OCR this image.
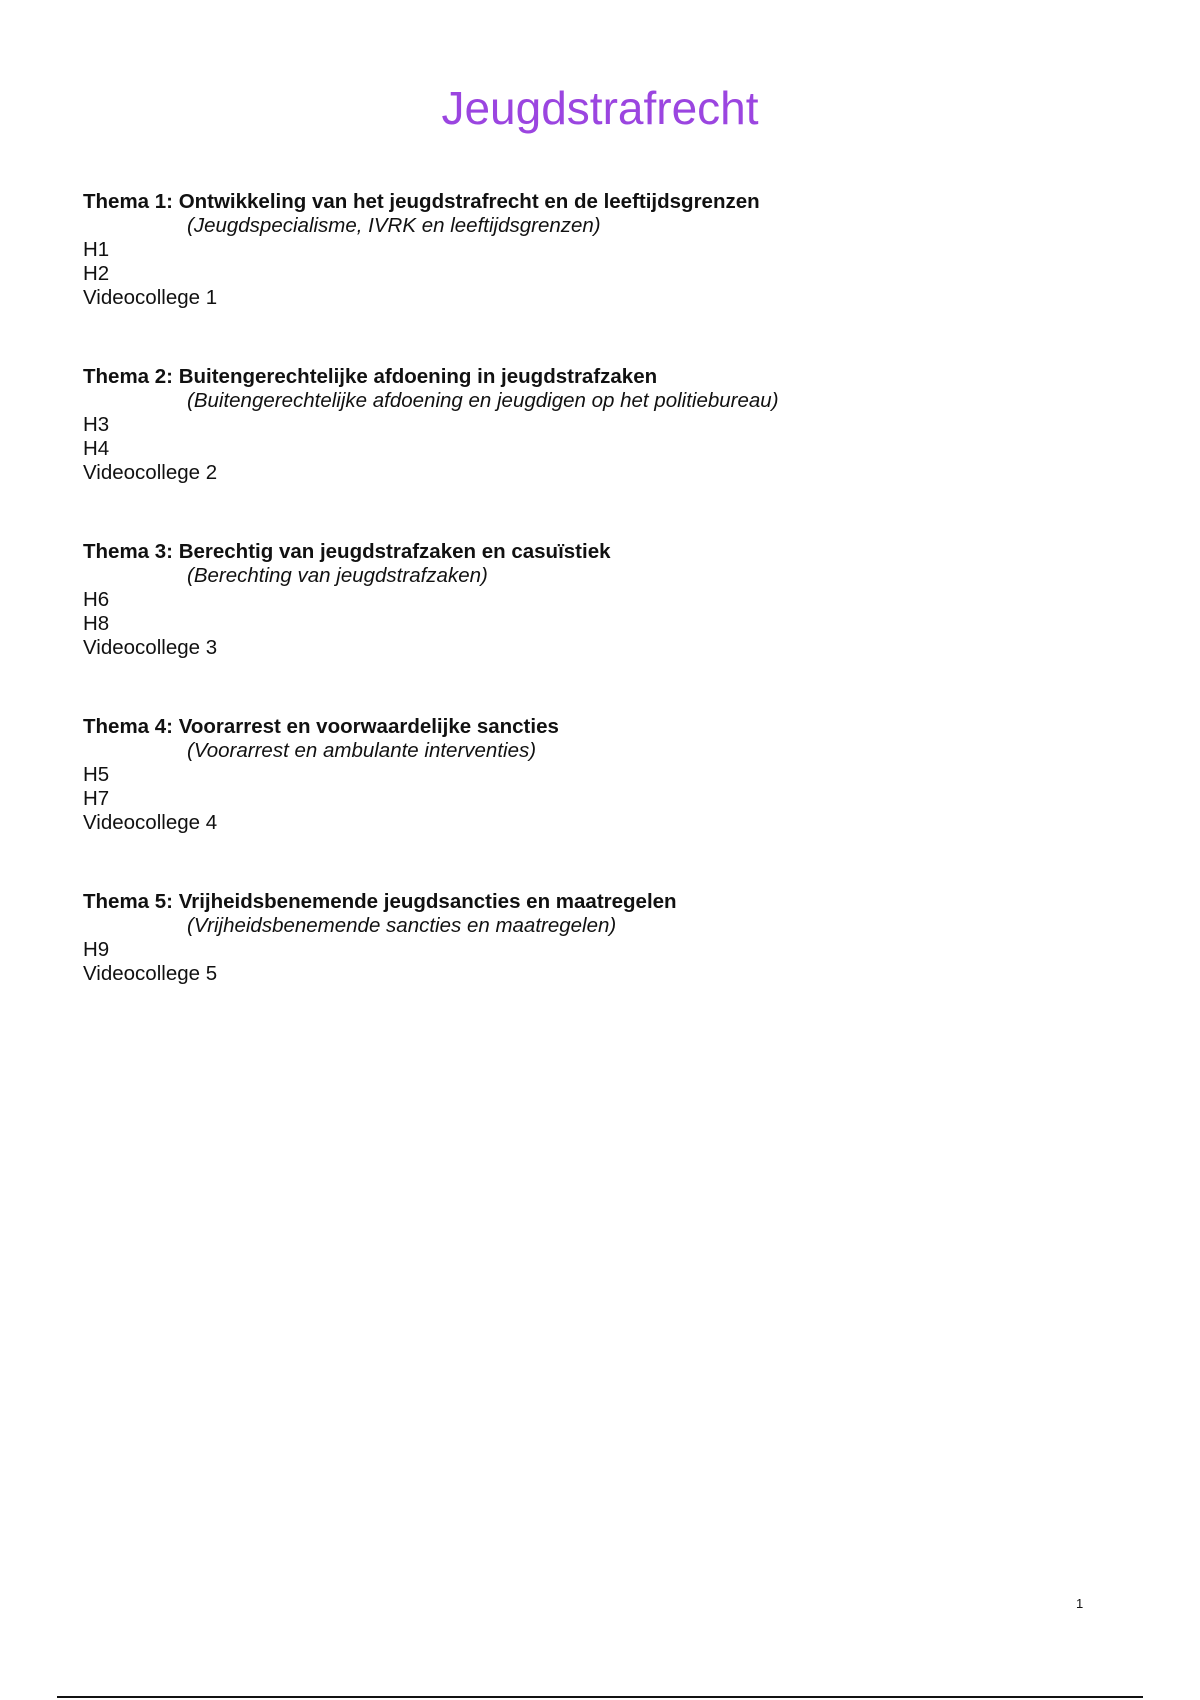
Jeugdstrafrecht
Thema 1: Ontwikkeling van het jeugdstrafrecht en de leeftijdsgrenzen
(Jeugdspecialisme, IVRK en leeftijdsgrenzen)
H1
H2
Videocollege 1
Thema 2: Buitengerechtelijke afdoening in jeugdstrafzaken
(Buitengerechtelijke afdoening en jeugdigen op het politiebureau)
H3
H4
Videocollege 2
Thema 3: Berechtig van jeugdstrafzaken en casuïstiek
(Berechting van jeugdstrafzaken)
H6
H8
Videocollege 3
Thema 4: Voorarrest en voorwaardelijke sancties
(Voorarrest en ambulante interventies)
H5
H7
Videocollege 4
Thema 5: Vrijheidsbenemende jeugdsancties en maatregelen
(Vrijheidsbenemende sancties en maatregelen)
H9
Videocollege 5
1
